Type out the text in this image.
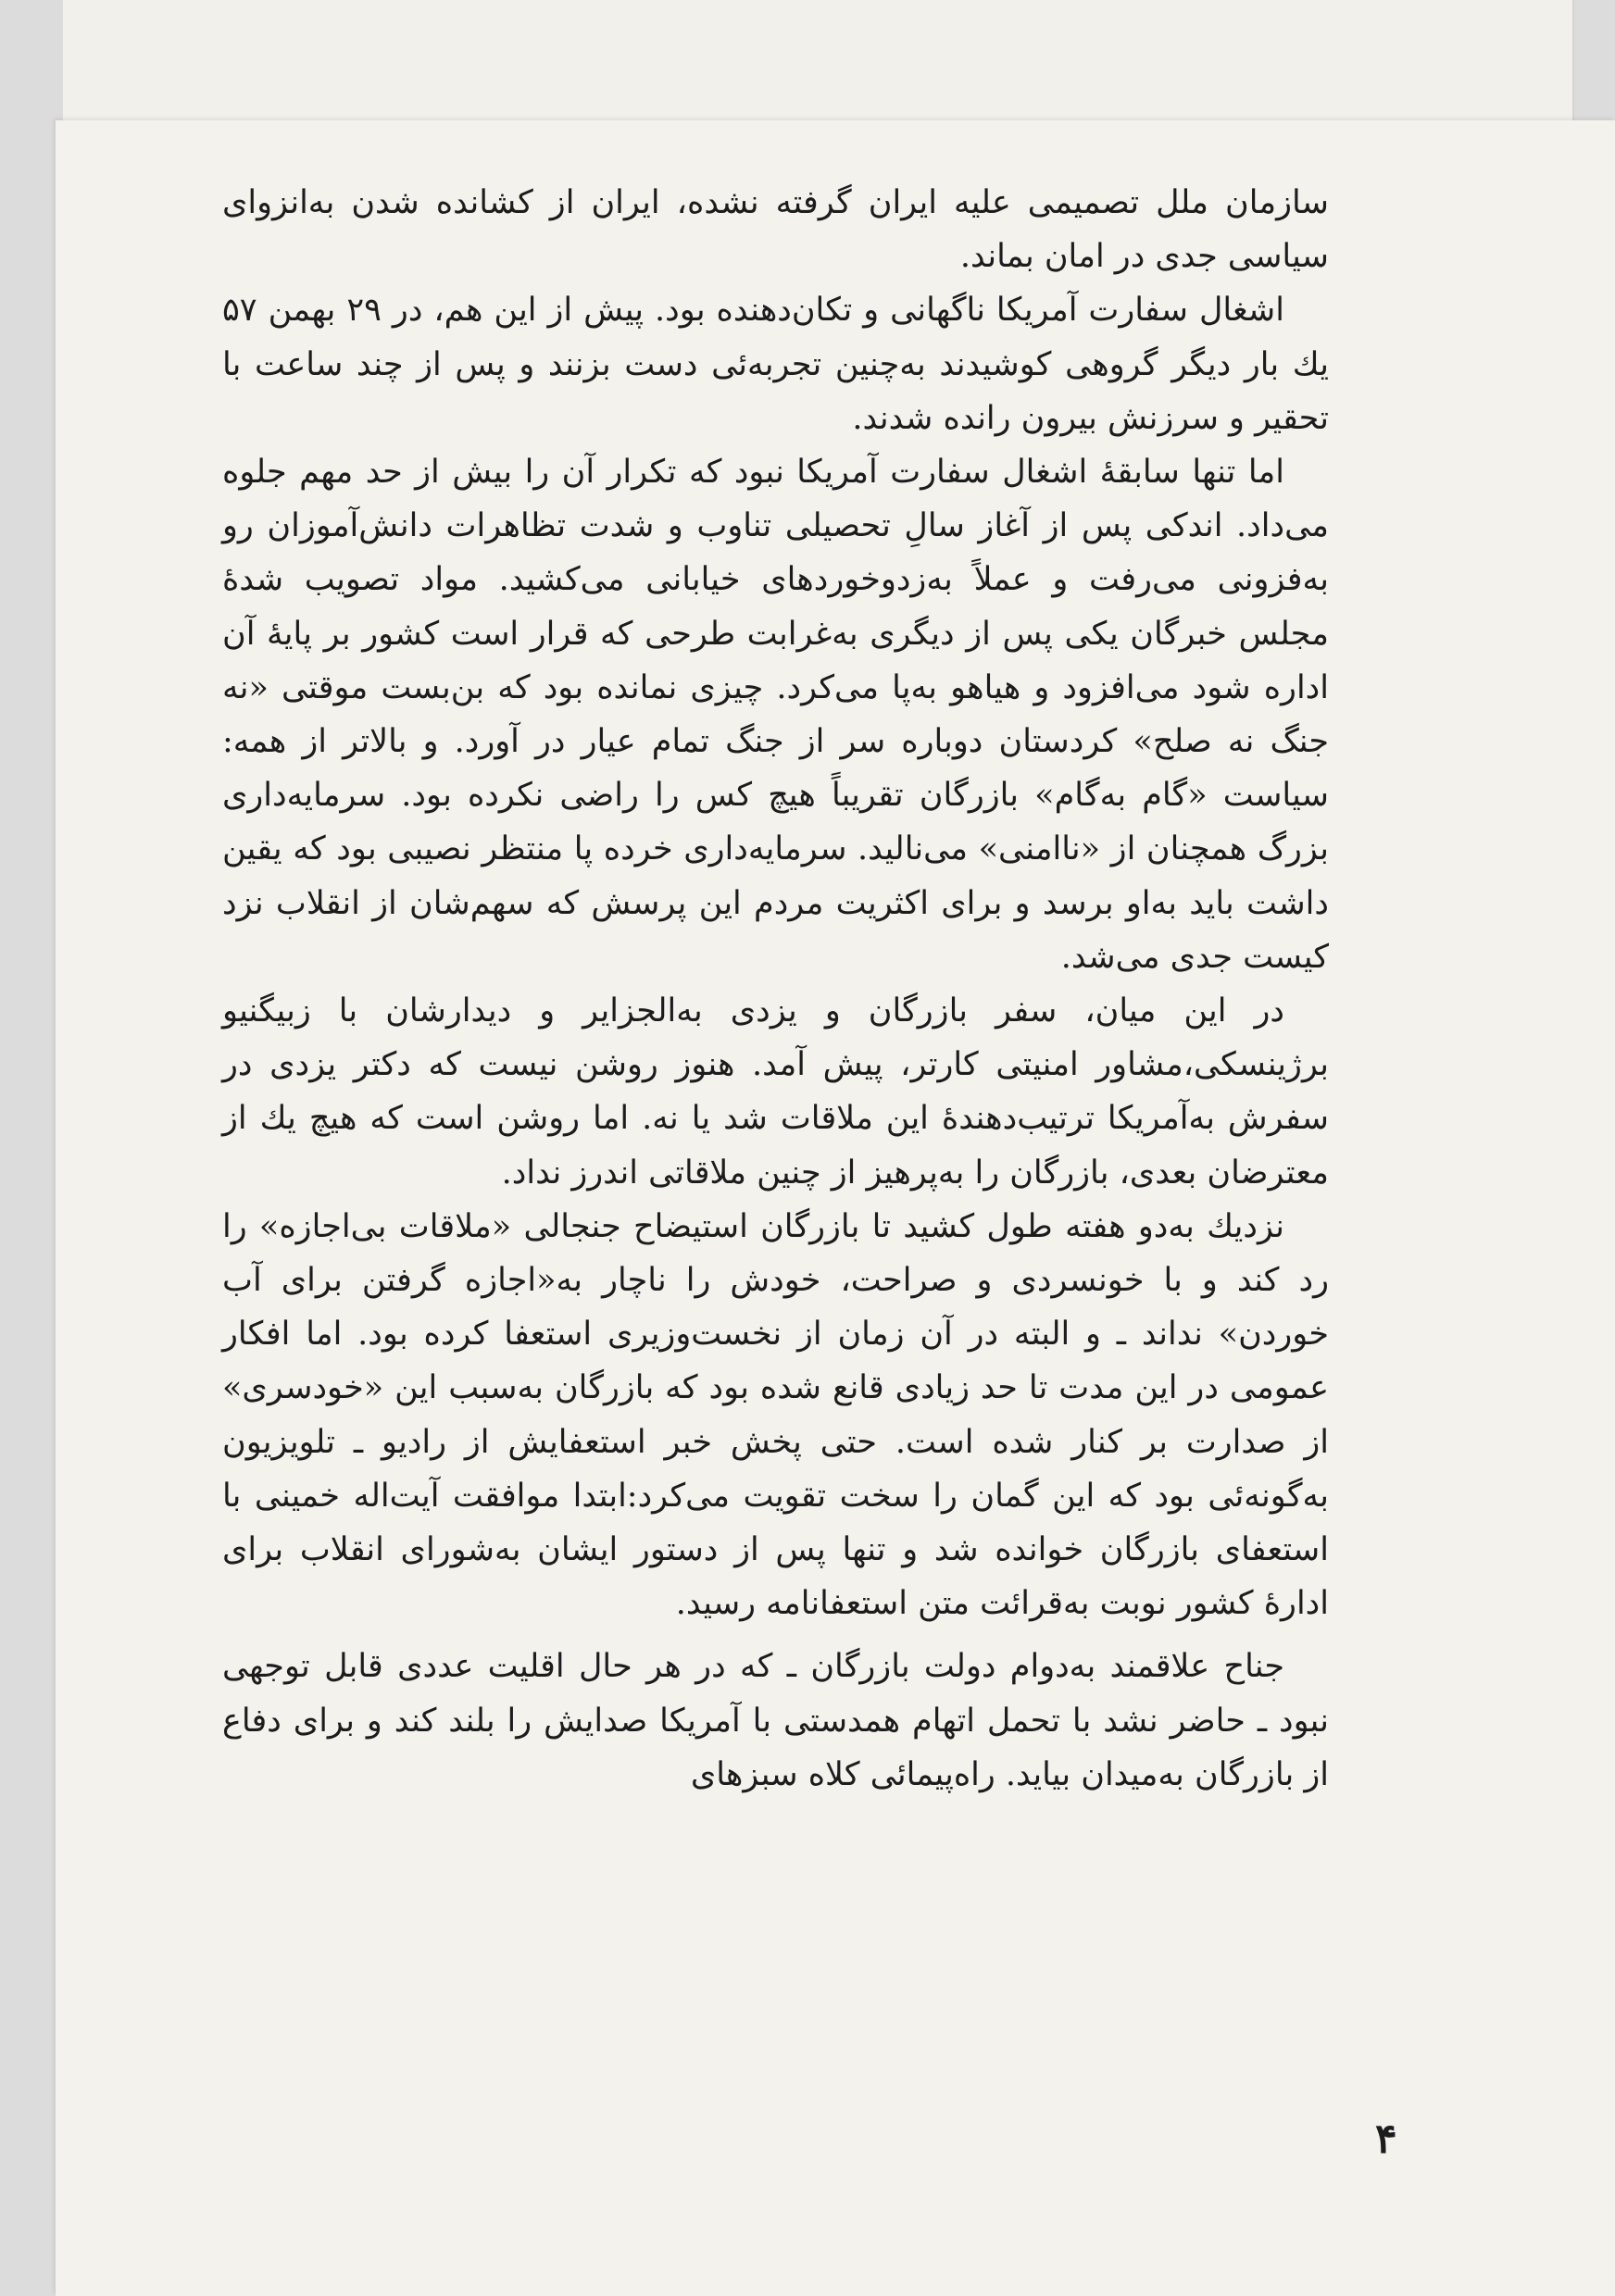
سازمان ملل تصمیمی علیه ایران گرفته نشده، ایران از کشانده شدن به‌انزوای سیاسی جدی در امان بماند.

اشغال سفارت آمریکا ناگهانی و تکان‌دهنده بود. پیش از این هم، در ۲۹ بهمن ۵۷ یك بار دیگر گروهی کوشیدند به‌چنین تجربه‌ئی دست بزنند و پس از چند ساعت با تحقیر و سرزنش بیرون رانده شدند.

اما تنها سابقهٔ اشغال سفارت آمریکا نبود که تکرار آن را بیش از حد مهم جلوه می‌داد. اندکی پس از آغاز سالِ تحصیلی تناوب و شدت تظاهرات دانش‌آموزان رو به‌فزونی می‌رفت و عملاً به‌زدوخوردهای خیابانی می‌کشید. مواد تصویب شدهٔ مجلس خبرگان یکی پس از دیگری به‌غرابت طرحی که قرار است کشور بر پایهٔ آن اداره شود می‌افزود و هیاهو به‌پا می‌کرد. چیزی نمانده بود که بن‌بست موقتی «نه جنگ نه صلح» کردستان دوباره سر از جنگ تمام عیار در آورد. و بالاتر از همه: سیاست «گام به‌گام» بازرگان تقریباً هیچ کس را راضی نکرده بود. سرمایه‌داری بزرگ همچنان از «ناامنی» می‌نالید. سرمایه‌داری خرده پا منتظر نصیبی بود که یقین داشت باید به‌او برسد و برای اکثریت مردم این پرسش که سهم‌شان از انقلاب نزد کیست جدی می‌شد.

در این میان، سفر بازرگان و یزدی به‌الجزایر و دیدارشان با زبیگنیو برژینسکی،مشاور امنیتی کارتر، پیش آمد. هنوز روشن نیست که دکتر یزدی در سفرش به‌آمریکا ترتیب‌دهندهٔ این ملاقات شد یا نه. اما روشن است که هیچ یك از معترضان بعدی، بازرگان را به‌پرهیز از چنین ملاقاتی اندرز نداد.

نزدیك به‌دو هفته طول کشید تا بازرگان استیضاح جنجالی «ملاقات بی‌اجازه» را رد کند و با خونسردی و صراحت، خودش را ناچار به«اجازه گرفتن برای آب خوردن» نداند ـ و البته در آن زمان از نخست‌وزیری استعفا کرده بود. اما افکار عمومی در این مدت تا حد زیادی قانع شده بود که بازرگان به‌سبب این «خودسری» از صدارت بر کنار شده است. حتی پخش خبر استعفایش از رادیو ـ تلویزیون به‌گونه‌ئی بود که این گمان را سخت تقویت می‌کرد:ابتدا موافقت آیت‌اله خمینی با استعفای بازرگان خوانده شد و تنها پس از دستور ایشان به‌شورای انقلاب برای ادارهٔ کشور نوبت به‌قرائت متن استعفانامه رسید.

جناح علاقمند به‌دوام دولت بازرگان ـ که در هر حال اقلیت عددی قابل توجهی نبود ـ حاضر نشد با تحمل اتهام همدستی با آمریکا صدایش را بلند کند و برای دفاع از بازرگان به‌میدان بیاید. راه‌پیمائی کلاه سبزهای

۴
